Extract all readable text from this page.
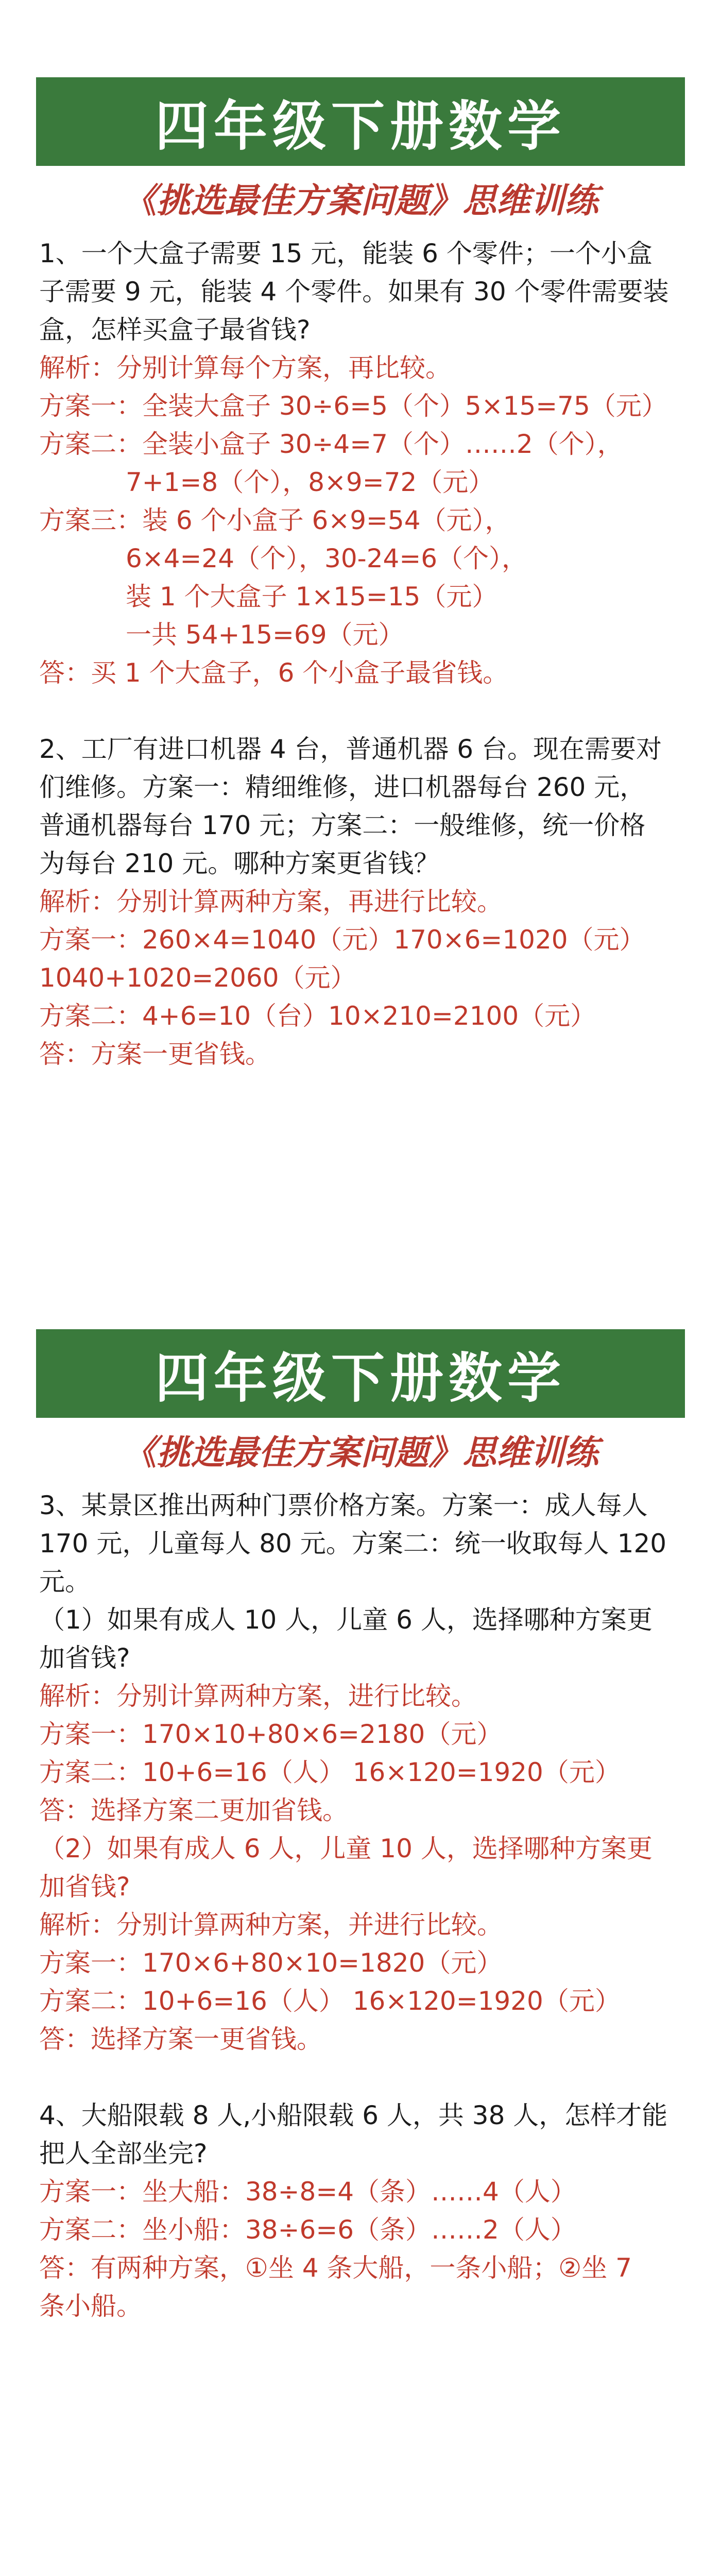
四年级下册数学
《挑选最佳方案问题》思维训练

1、一个大盒子需要 15 元，能装 6 个零件；一个小盒

子需要 9 元，能装 4 个零件。如果有 30 个零件需要装

盒，怎样买盒子最省钱?

解析：分别计算每个方案，再比较。

方案一：全装大盒子 30÷6=5（个）5×15=75（元）

方案二：全装小盒子 30÷4=7（个）……2（个），

7+1=8（个），8×9=72（元）

方案三：装 6 个小盒子 6×9=54（元），

6×4=24（个），30-24=6（个），

装 1 个大盒子 1×15=15（元）

一共 54+15=69（元）

答：买 1 个大盒子，6 个小盒子最省钱。

2、工厂有进口机器 4 台，普通机器 6 台。现在需要对

们维修。方案一：精细维修，进口机器每台 260 元，

普通机器每台 170 元；方案二：一般维修，统一价格

为每台 210 元。哪种方案更省钱？

解析：分别计算两种方案，再进行比较。

方案一：260×4=1040（元）170×6=1020（元）

1040+1020=2060（元）

方案二：4+6=10（台）10×210=2100（元）

答：方案一更省钱。

四年级下册数学
《挑选最佳方案问题》思维训练

3、某景区推出两种门票价格方案。方案一：成人每人

170 元，儿童每人 80 元。方案二：统一收取每人 120

元。

（1）如果有成人 10 人，儿童 6 人，选择哪种方案更

加省钱?

解析：分别计算两种方案，进行比较。

方案一：170×10+80×6=2180（元）

方案二：10+6=16（人） 16×120=1920（元）

答：选择方案二更加省钱。

（2）如果有成人 6 人，儿童 10 人，选择哪种方案更

加省钱?

解析：分别计算两种方案，并进行比较。

方案一：170×6+80×10=1820（元）

方案二：10+6=16（人） 16×120=1920（元）

答：选择方案一更省钱。

4、大船限载 8 人,小船限载 6 人，共 38 人，怎样才能

把人全部坐完?

方案一：坐大船：38÷8=4（条）……4（人）

方案二：坐小船：38÷6=6（条）……2（人）

答：有两种方案，①坐 4 条大船，一条小船；②坐 7

条小船。
